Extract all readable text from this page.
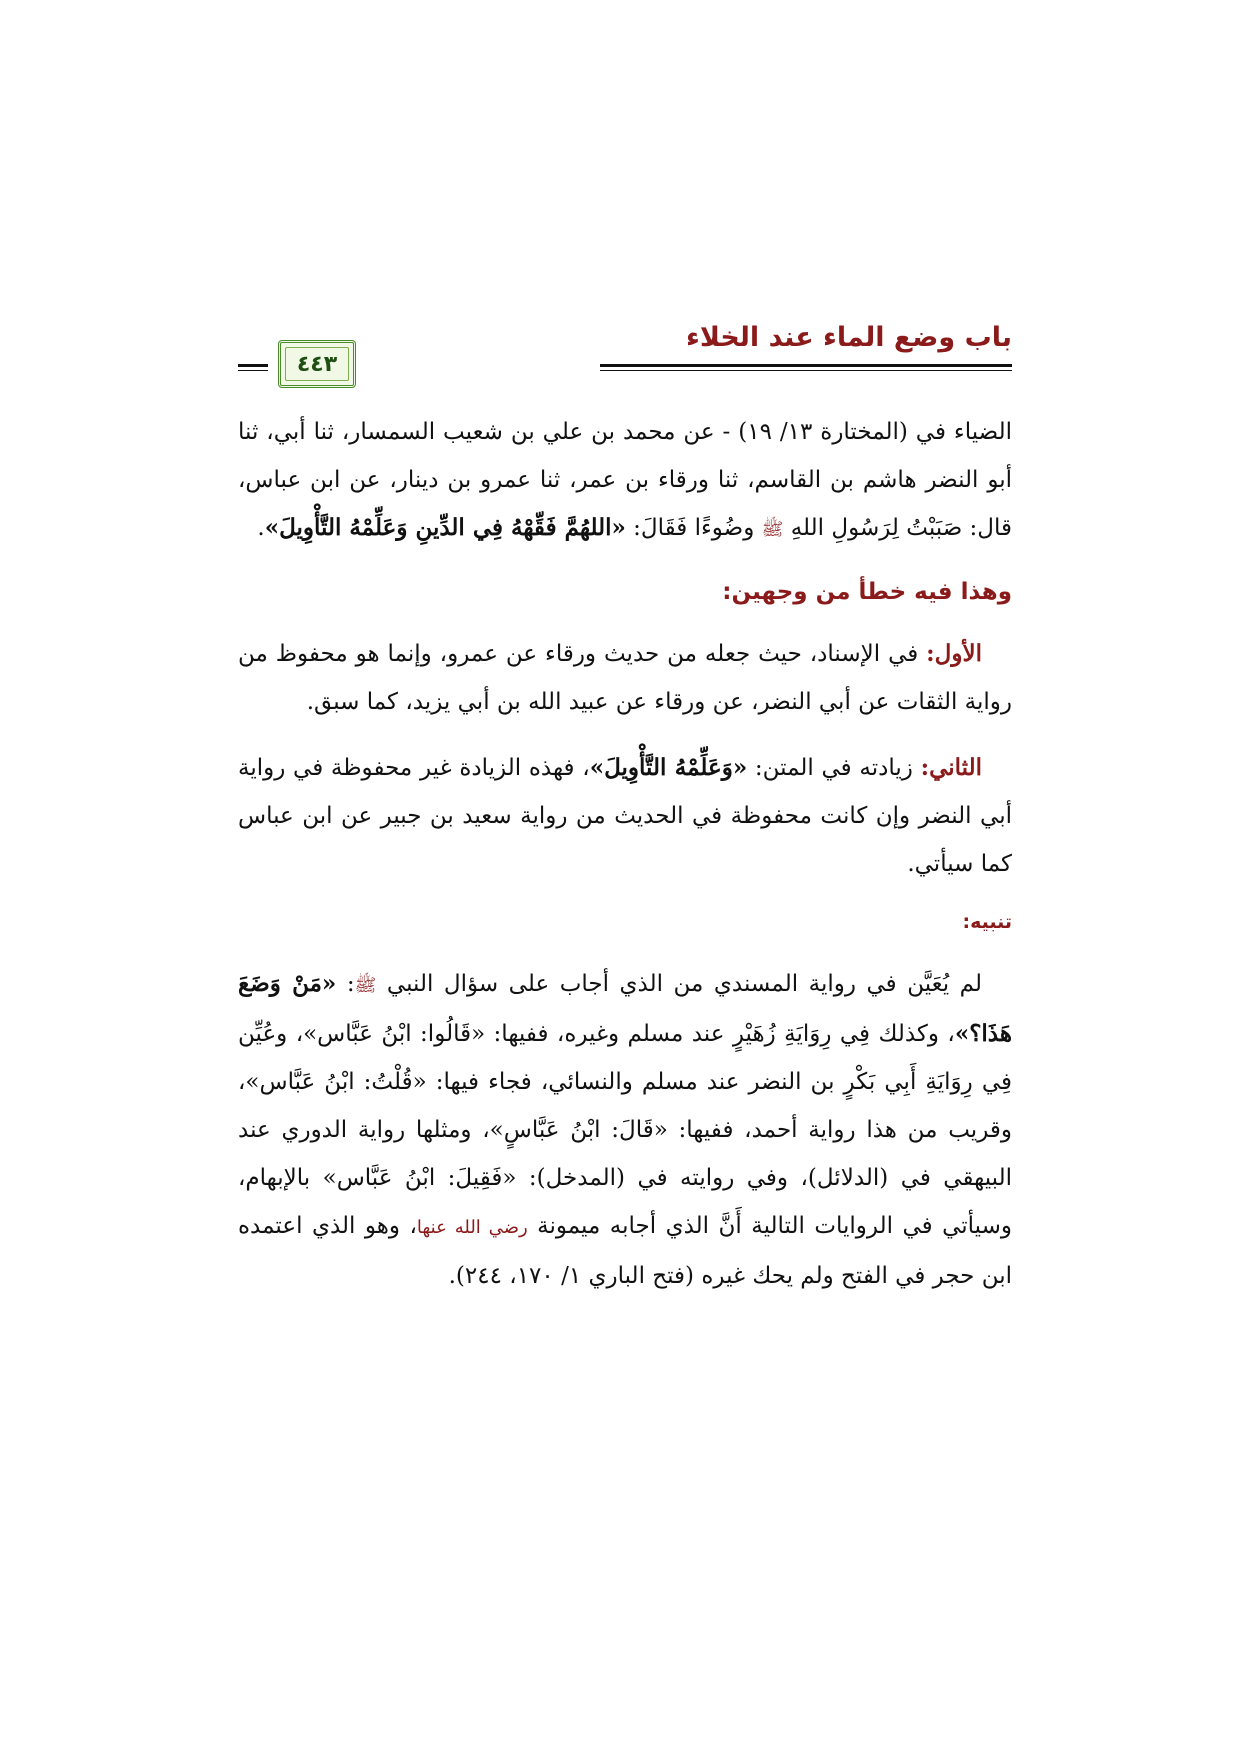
باب وضع الماء عند الخلاء
٤٤٣

الضياء في (المختارة ١٣/ ١٩) - عن محمد بن علي بن شعيب السمسار، ثنا أبي، ثنا أبو النضر هاشم بن القاسم، ثنا ورقاء بن عمر، ثنا عمرو بن دينار، عن ابن عباس، قال: صَبَبْتُ لِرَسُولِ اللهِ ﷺ وضُوءًا فَقَالَ: «اللهُمَّ فَقِّهْهُ فِي الدِّينِ وَعَلِّمْهُ التَّأْوِيلَ».

وهذا فيه خطأ من وجهين:

الأول: في الإسناد، حيث جعله من حديث ورقاء عن عمرو، وإنما هو محفوظ من رواية الثقات عن أبي النضر، عن ورقاء عن عبيد الله بن أبي يزيد، كما سبق.

الثاني: زيادته في المتن: «وَعَلِّمْهُ التَّأْوِيلَ»، فهذه الزيادة غير محفوظة في رواية أبي النضر وإن كانت محفوظة في الحديث من رواية سعيد بن جبير عن ابن عباس كما سيأتي.

تنبيه:

لم يُعَيَّن في رواية المسندي من الذي أجاب على سؤال النبي ﷺ: «مَنْ وَضَعَ هَذَا؟»، وكذلك فِي رِوَايَةِ زُهَيْرٍ عند مسلم وغيره، ففيها: «قَالُوا: ابْنُ عَبَّاس»، وعُيِّن فِي رِوَايَةِ أَبِي بَكْرٍ بن النضر عند مسلم والنسائي، فجاء فيها: «قُلْتُ: ابْنُ عَبَّاس»، وقريب من هذا رواية أحمد، ففيها: «قَالَ: ابْنُ عَبَّاسٍ»، ومثلها رواية الدوري عند البيهقي في (الدلائل)، وفي روايته في (المدخل): «فَقِيلَ: ابْنُ عَبَّاس» بالإبهام، وسيأتي في الروايات التالية أَنَّ الذي أجابه ميمونة رضي الله عنها، وهو الذي اعتمده ابن حجر في الفتح ولم يحك غيره (فتح الباري ١/ ١٧٠، ٢٤٤).
